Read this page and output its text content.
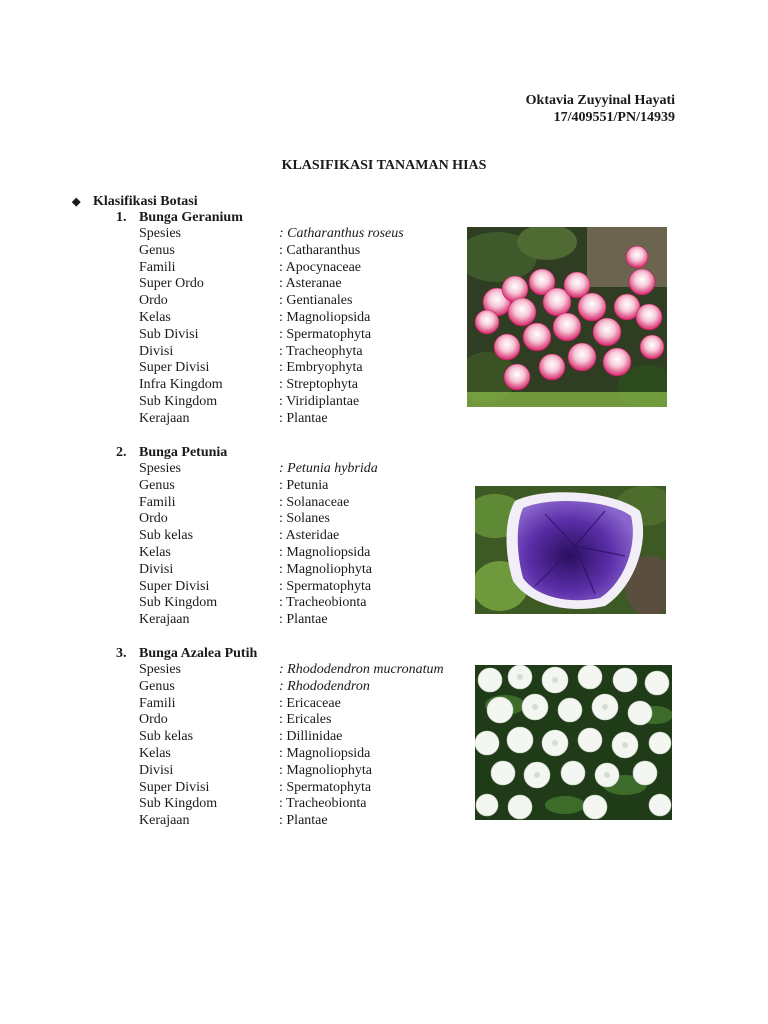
Oktavia Zuyyinal Hayati
17/409551/PN/14939
KLASIFIKASI TANAMAN HIAS
◆ Klasifikasi Botasi
1. Bunga Geranium
Spesies	: Catharanthus roseus
Genus	: Catharanthus
Famili	: Apocynaceae
Super Ordo	: Asteranae
Ordo	: Gentianales
Kelas	: Magnoliopsida
Sub Divisi	: Spermatophyta
Divisi	: Tracheophyta
Super Divisi	: Embryophyta
Infra Kingdom	: Streptophyta
Sub Kingdom	: Viridiplantae
Kerajaan	: Plantae
2. Bunga Petunia
Spesies	: Petunia hybrida
Genus	: Petunia
Famili	: Solanaceae
Ordo	: Solanes
Sub kelas	: Asteridae
Kelas	: Magnoliopsida
Divisi	: Magnoliophyta
Super Divisi	: Spermatophyta
Sub Kingdom	: Tracheobionta
Kerajaan	: Plantae
3. Bunga Azalea Putih
Spesies	: Rhododendron mucronatum
Genus	: Rhododendron
Famili	: Ericaceae
Ordo	: Ericales
Sub kelas	: Dillinidae
Kelas	: Magnoliopsida
Divisi	: Magnoliophyta
Super Divisi	: Spermatophyta
Sub Kingdom	: Tracheobionta
Kerajaan	: Plantae
